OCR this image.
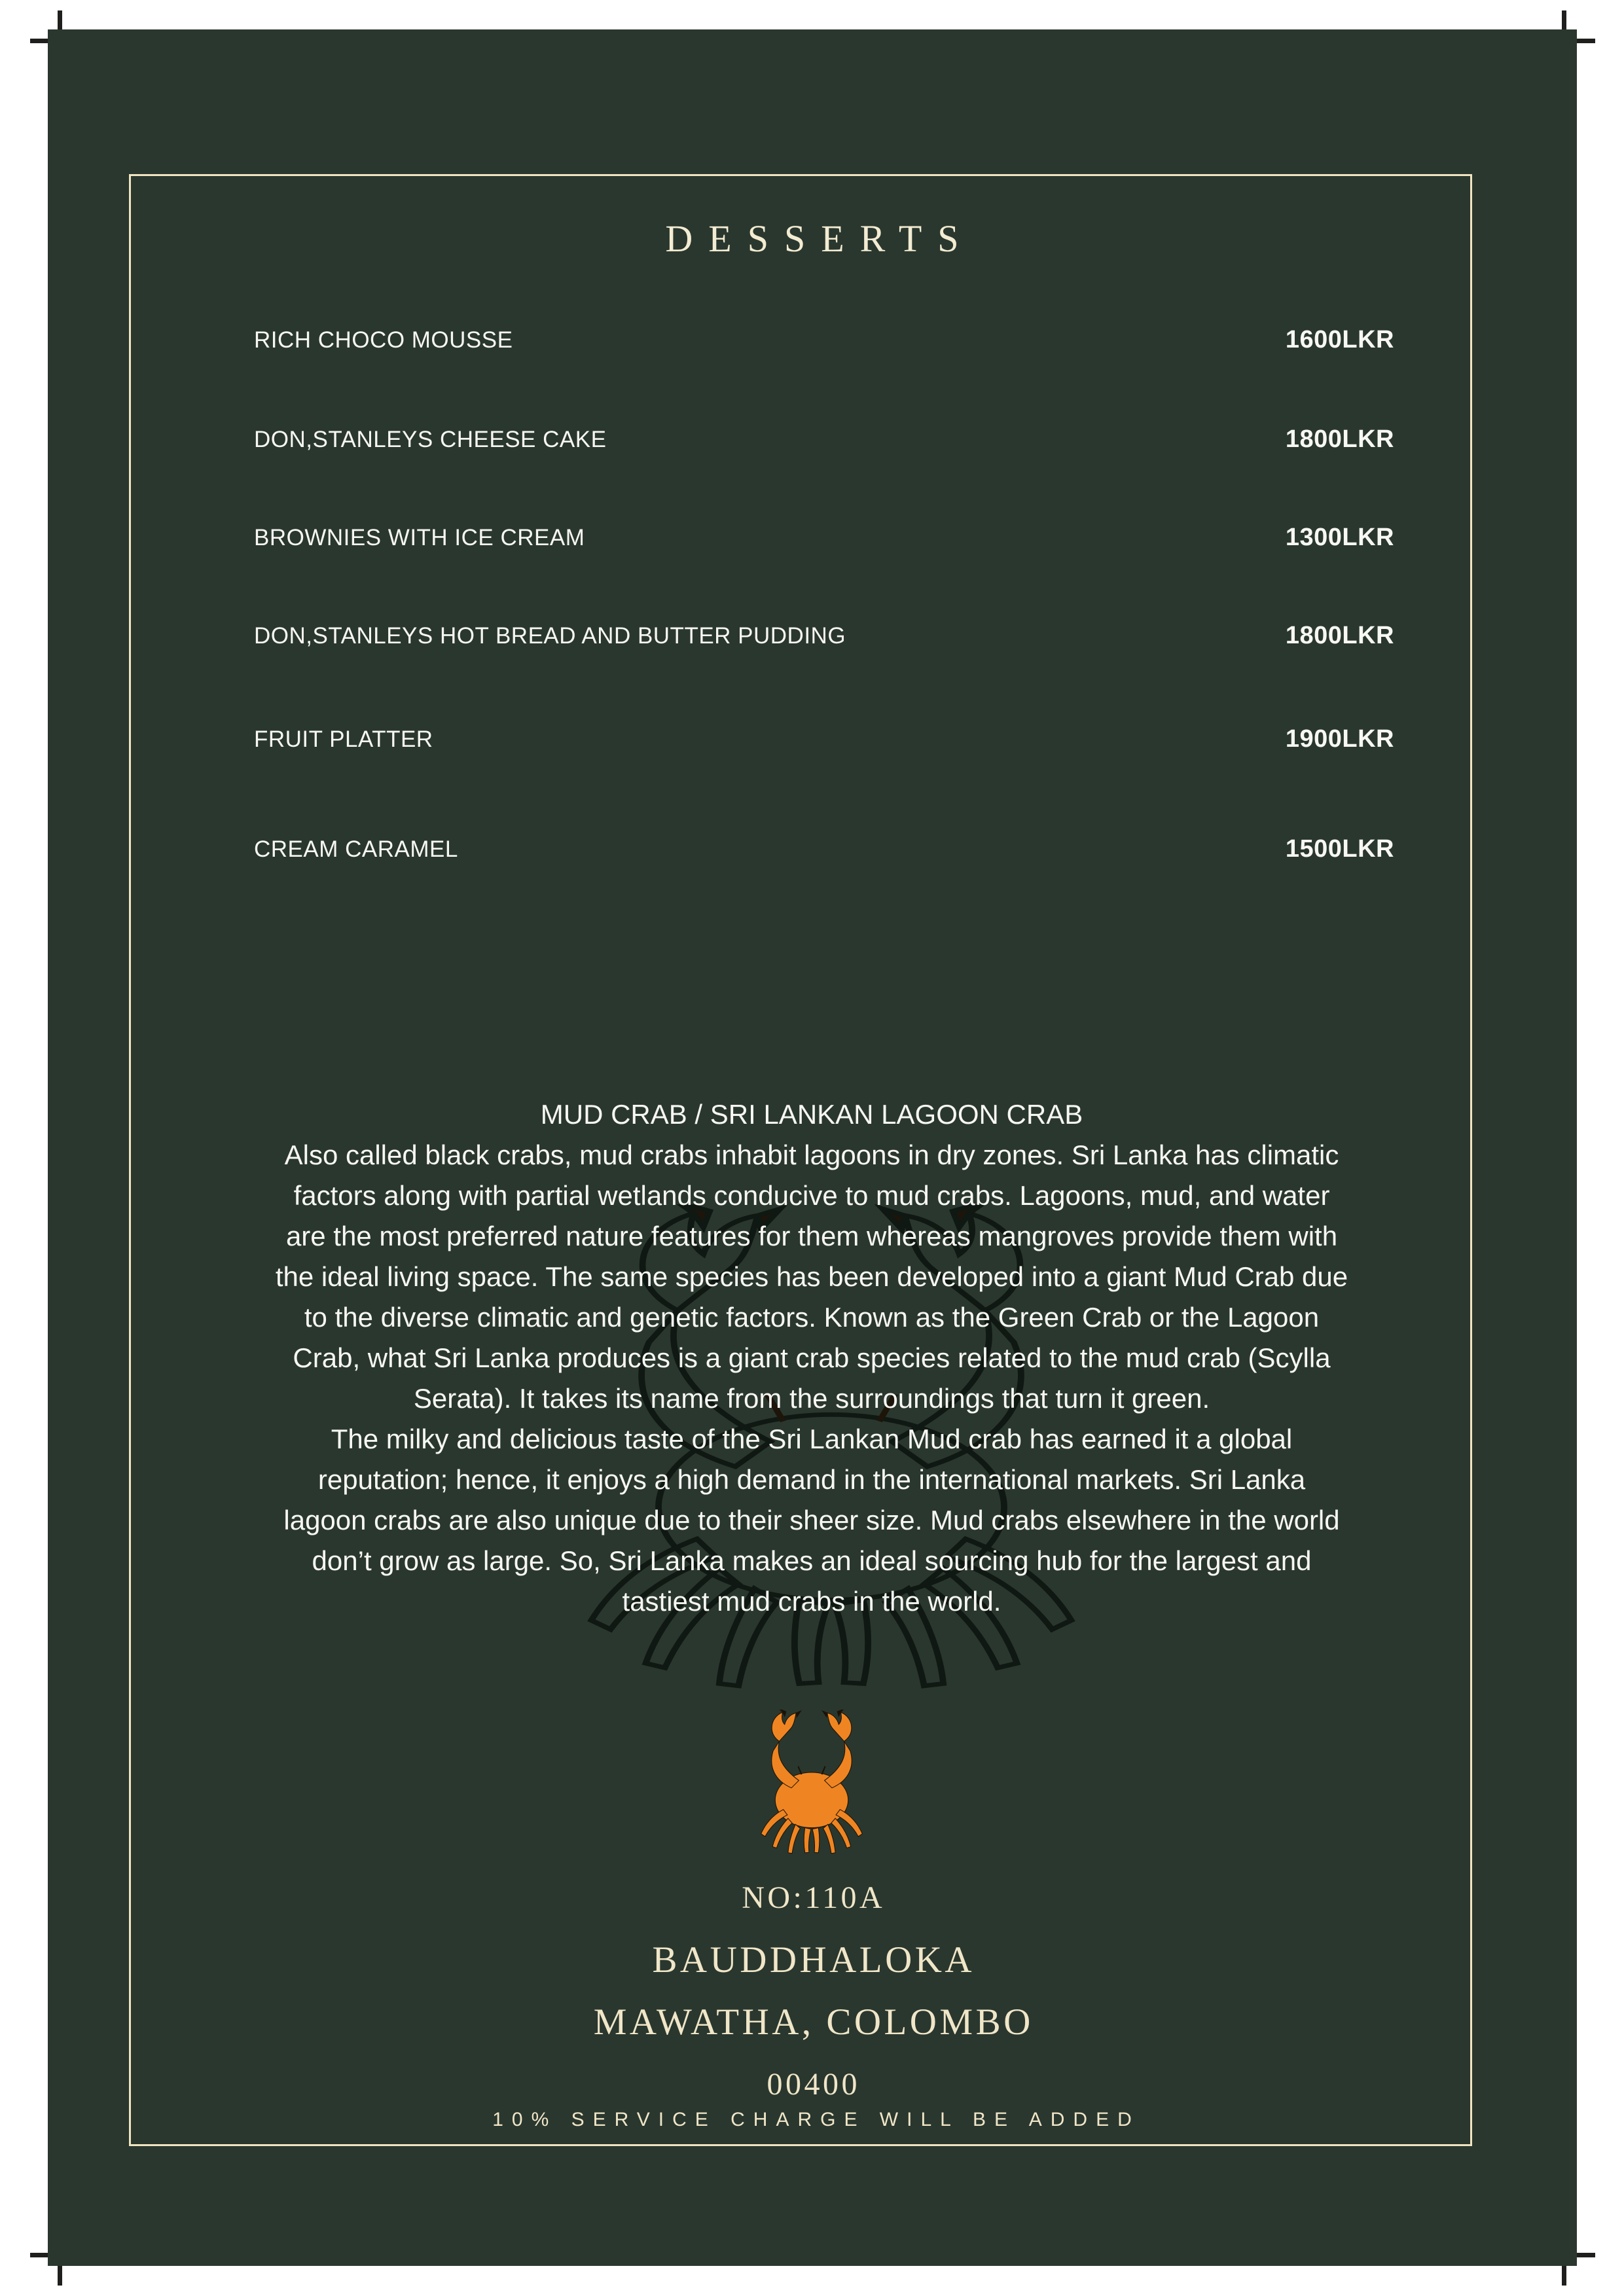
DESSERTS
RICH CHOCO MOUSSE	1600LKR
DON,STANLEYS CHEESE CAKE	1800LKR
BROWNIES WITH ICE CREAM	1300LKR
DON,STANLEYS HOT BREAD AND BUTTER PUDDING	1800LKR
FRUIT PLATTER	1900LKR
CREAM CARAMEL	1500LKR
MUD CRAB / SRI LANKAN LAGOON CRAB
Also called black crabs, mud crabs inhabit lagoons in dry zones. Sri Lanka has climatic
factors along with partial wetlands conducive to mud crabs. Lagoons, mud, and water
are the most preferred nature features for them whereas mangroves provide them with
the ideal living space. The same species has been developed into a giant Mud Crab due
to the diverse climatic and genetic factors. Known as the Green Crab or the Lagoon
Crab, what Sri Lanka produces is a giant crab species related to the mud crab (Scylla
Serata). It takes its name from the surroundings that turn it green.
The milky and delicious taste of the Sri Lankan Mud crab has earned it a global
reputation; hence, it enjoys a high demand in the international markets. Sri Lanka
lagoon crabs are also unique due to their sheer size. Mud crabs elsewhere in the world
don’t grow as large. So, Sri Lanka makes an ideal sourcing hub for the largest and
tastiest mud crabs in the world.
NO:110A
BAUDDHALOKA
MAWATHA, COLOMBO
00400
10% SERVICE CHARGE WILL BE ADDED
